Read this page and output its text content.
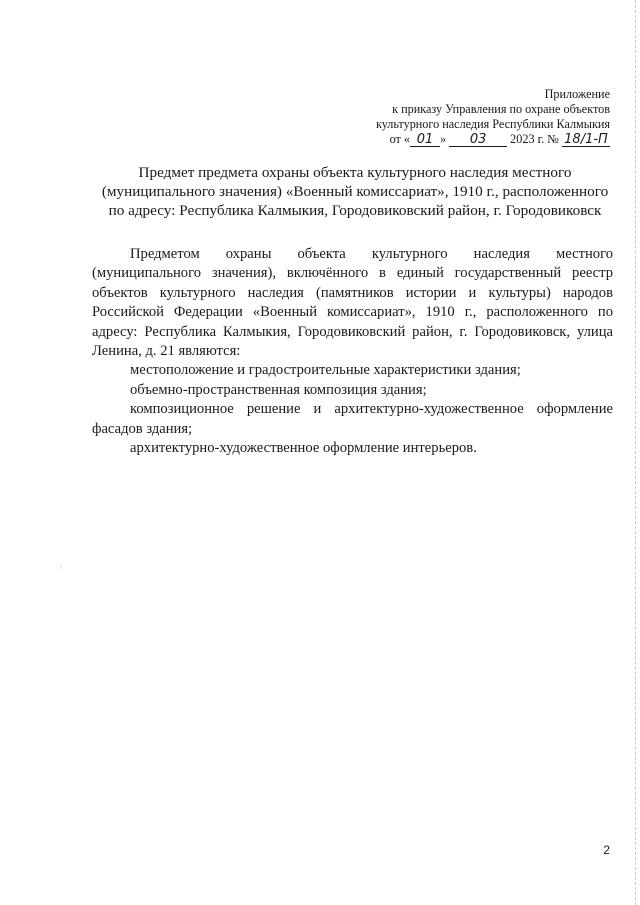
Приложение
к приказу Управления по охране объектов
культурного наследия Республики Калмыкия
от « 01 » 03 2023 г. № 18/1-П
Предмет предмета охраны объекта культурного наследия местного
(муниципального значения) «Военный комиссариат», 1910 г., расположенного
по адресу: Республика Калмыкия, Городовиковский район, г. Городовиковск
Предметом охраны объекта культурного наследия местного
(муниципального значения), включённого в единый государственный реестр
объектов культурного наследия (памятников истории и культуры) народов
Российской Федерации «Военный комиссариат», 1910 г., расположенного по
адресу: Республика Калмыкия, Городовиковский район, г. Городовиковск, улица
Ленина, д. 21 являются:
местоположение и градостроительные характеристики здания;
объемно-пространственная композиция здания;
композиционное решение и архитектурно-художественное оформление
фасадов здания;
архитектурно-художественное оформление интерьеров.
⁽
2
